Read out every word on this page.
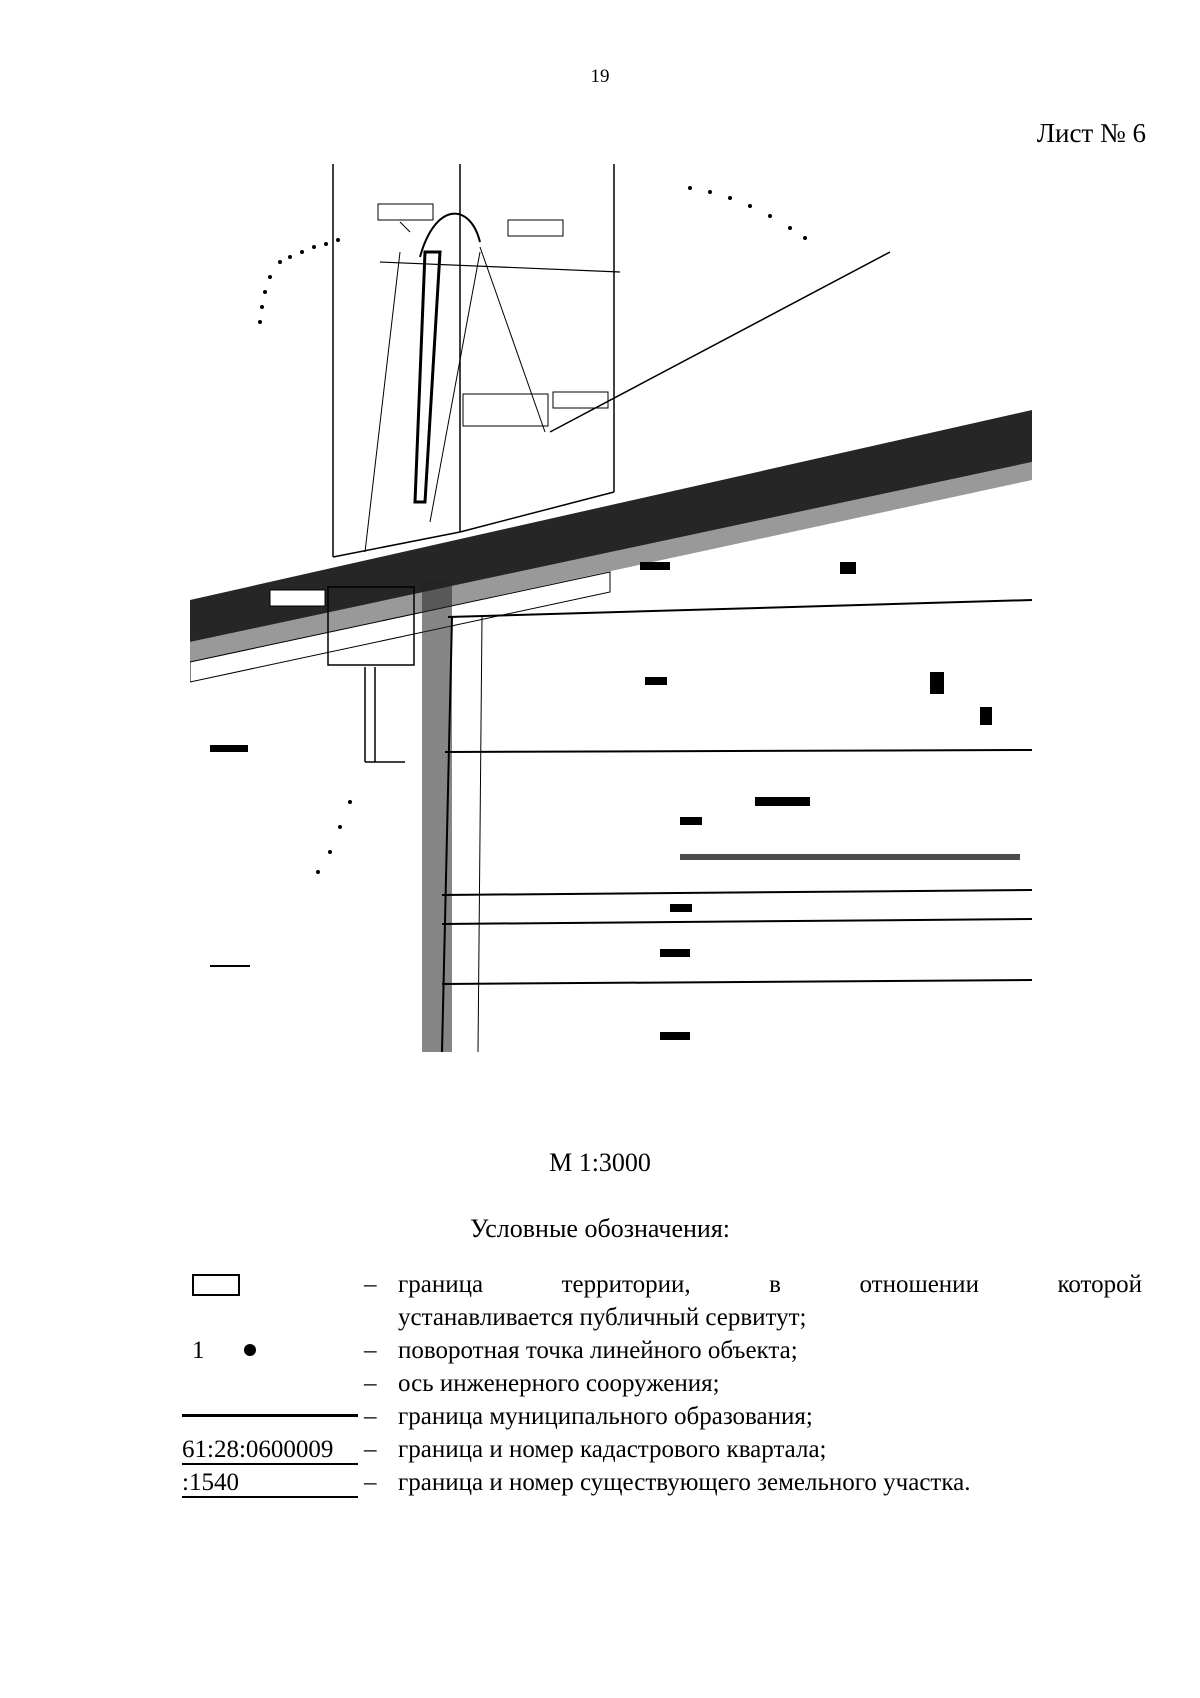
19
Лист № 6
М 1:3000
Условные обозначения:
– граница территории, в отношении которой
устанавливается публичный сервитут;
1	– поворотная точка линейного объекта;
– ось инженерного сооружения;
– граница муниципального образования;
61:28:0600009	– граница и номер кадастрового квартала;
:1540	– граница и номер существующего земельного участка.
